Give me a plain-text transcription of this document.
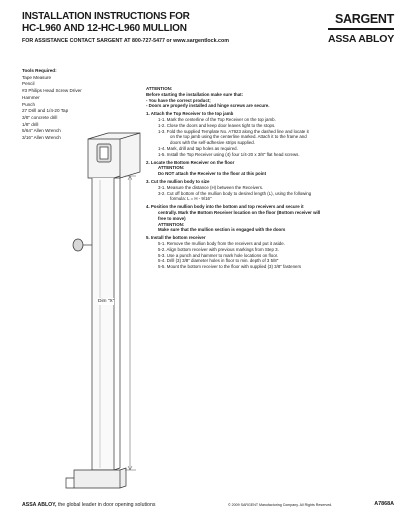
INSTALLATION INSTRUCTIONS FOR
HC-L960 AND 12-HC-L960 MULLION
FOR ASSISTANCE CONTACT SARGENT AT 800-727-5477 or www.sargentlock.com
SARGENT
ASSA ABLOY
Tools Required:
Tape Measure
Pencil
#3 Philips Head Screw Driver
Hammer
Punch
27 Drill and 1/4-20 Tap
3/8" concrete drill
1/8" drill
5/64" Allen Wrench
3/16" Allen Wrench
Dim "X"
ATTENTION:
Before starting the installation make sure that:
- You have the correct product;
- Doors are properly installed and hinge screws are secure.
1. Attach the Top Receiver to the top jamb
1-1. Mark the centerline of the Top Receiver on the top jamb.
1-2. Close the doors and keep door leaves tight to the stops.
1-3. Fold the supplied Template No. A7923 along the dashed line and locate it
on the top jamb using the centerline marked. Attach it to the frame and
doors with the self-adhesive strips supplied.
1-4. Mark, drill and tap holes as required.
1-5. Install the Top Receiver using (4) four 1/4-20 x 3/8" flat head screws.
2. Locate the Bottom Receiver on the floor
ATTENTION:
Do NOT attach the Receiver to the floor at this point
3. Cut the mullion body to size
3-1. Measure the distance (H) between the Receivers.
3-2. Cut off bottom of the mullion body to desired length (L), using the following
formula: L = H - 9/16"
4. Position the mullion body into the bottom and top receivers and secure it
centrally. Mark the Bottom Receiver location on the floor (Bottom receiver will
free to move)
ATTENTION:
Make sure that the mullion section is engaged with the doors
5. Install the bottom receiver
5-1. Remove the mullion body from the receivers and put it aside.
5-2. Align bottom receiver with previous markings from Step 3.
5-3. Use a punch and hammer to mark hole locations on floor.
5-4. Drill (3) 3/8" diameter holes in floor to min. depth of 3 5/8"
5-5. Mount the bottom receiver to the floor with supplied (3) 3/8" fasteners
ASSA ABLOY, the global leader in door opening solutions	© 2009 SARGENT Manufacturing Company. All Rights Reserved.	A7868A
